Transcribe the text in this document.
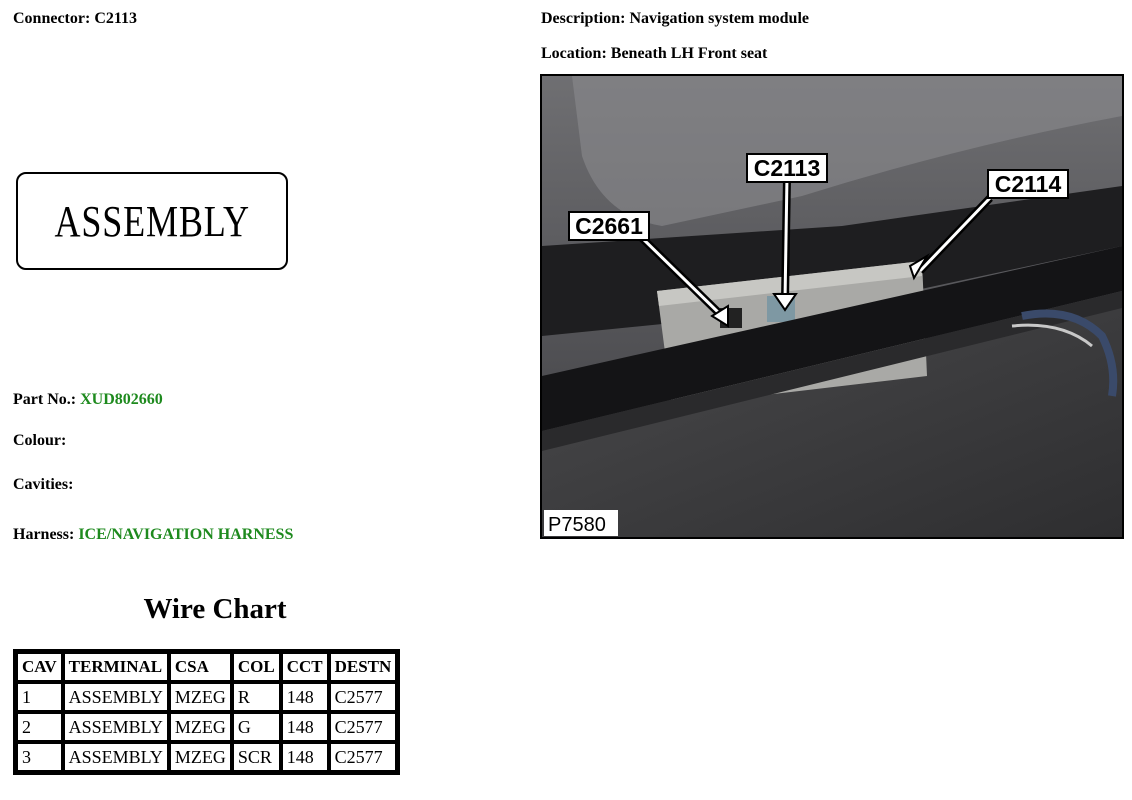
Connector: C2113
ASSEMBLY
Part No.: XUD802660
Colour:
Cavities:
Harness: ICE/NAVIGATION HARNESS
Wire Chart
CAV	TERMINAL	CSA	COL	CCT	DESTN
1	ASSEMBLY	MZEG	R	148	C2577
2	ASSEMBLY	MZEG	G	148	C2577
3	ASSEMBLY	MZEG	SCR	148	C2577
Description: Navigation system module
Location: Beneath LH Front seat
C2113
C2114
C2661
P7580
